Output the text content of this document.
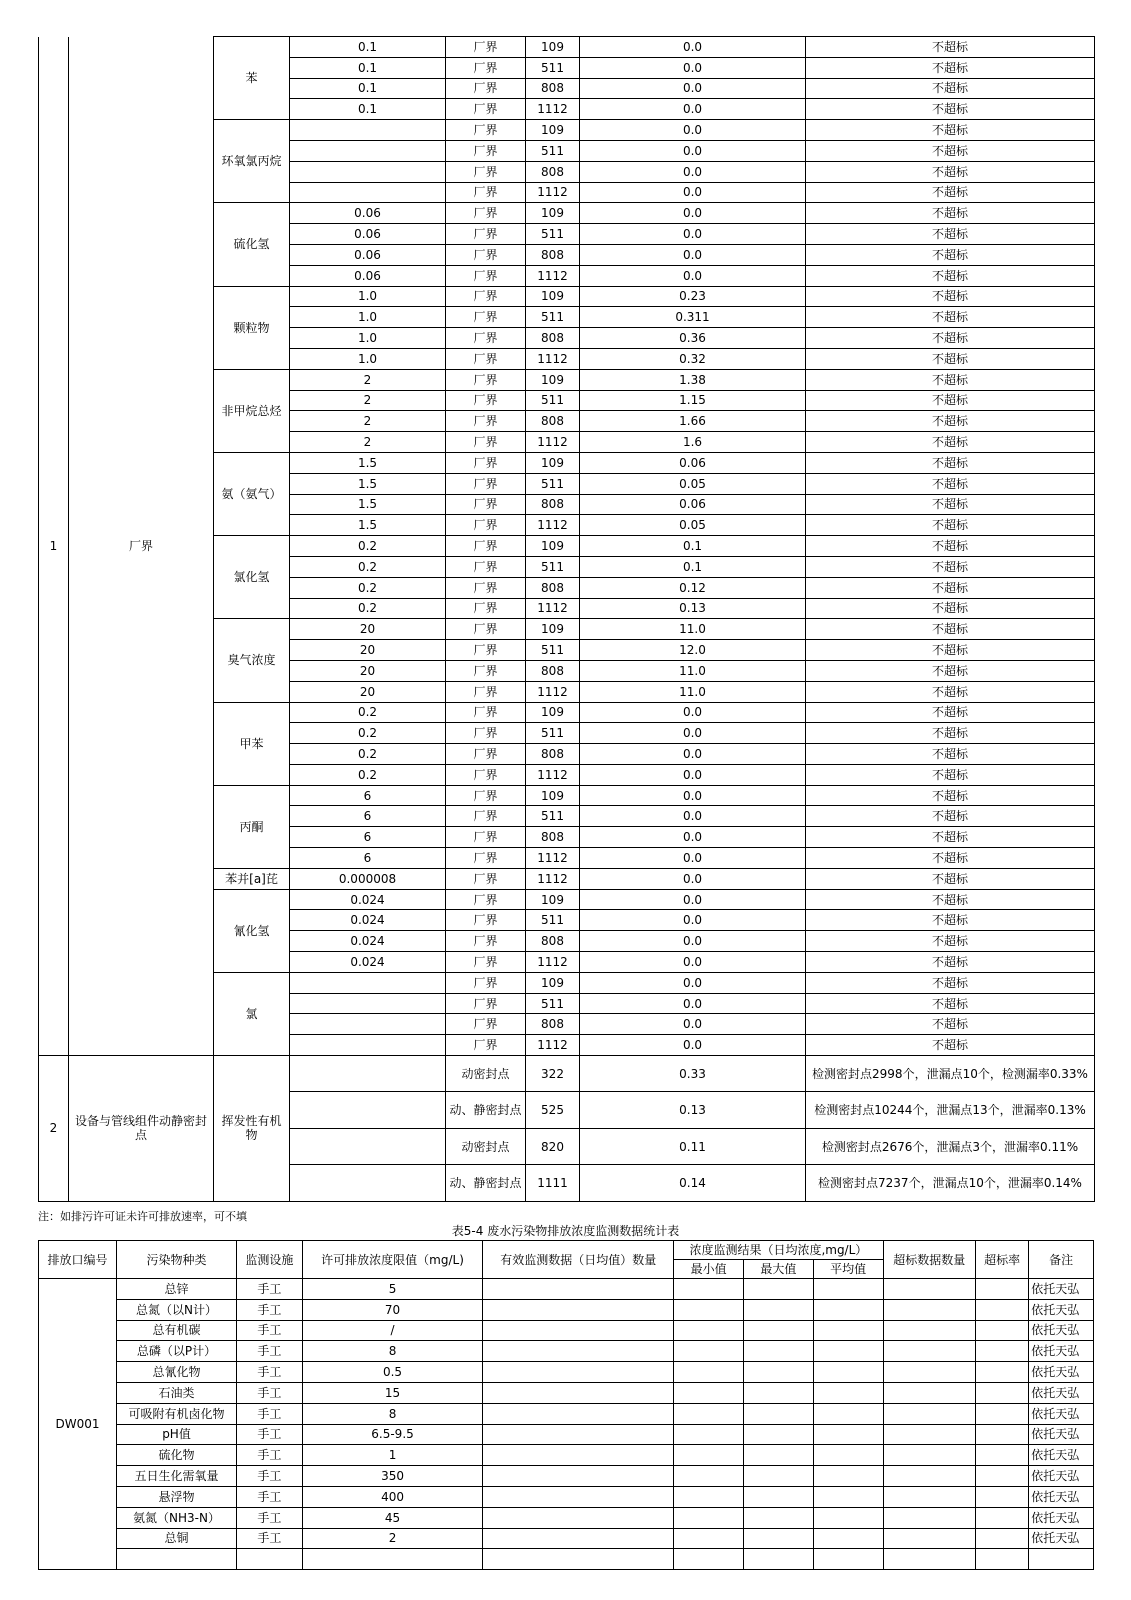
1	厂界	苯	0.1	厂界	109	0.0	不超标
			0.1	厂界	511	0.0	不超标
			0.1	厂界	808	0.0	不超标
			0.1	厂界	1112	0.0	不超标
		环氧氯丙烷		厂界	109	0.0	不超标
				厂界	511	0.0	不超标
				厂界	808	0.0	不超标
				厂界	1112	0.0	不超标
		硫化氢	0.06	厂界	109	0.0	不超标
			0.06	厂界	511	0.0	不超标
			0.06	厂界	808	0.0	不超标
			0.06	厂界	1112	0.0	不超标
		颗粒物	1.0	厂界	109	0.23	不超标
			1.0	厂界	511	0.311	不超标
			1.0	厂界	808	0.36	不超标
			1.0	厂界	1112	0.32	不超标
		非甲烷总烃	2	厂界	109	1.38	不超标
			2	厂界	511	1.15	不超标
			2	厂界	808	1.66	不超标
			2	厂界	1112	1.6	不超标
		氨（氨气）	1.5	厂界	109	0.06	不超标
			1.5	厂界	511	0.05	不超标
			1.5	厂界	808	0.06	不超标
			1.5	厂界	1112	0.05	不超标
		氯化氢	0.2	厂界	109	0.1	不超标
			0.2	厂界	511	0.1	不超标
			0.2	厂界	808	0.12	不超标
			0.2	厂界	1112	0.13	不超标
		臭气浓度	20	厂界	109	11.0	不超标
			20	厂界	511	12.0	不超标
			20	厂界	808	11.0	不超标
			20	厂界	1112	11.0	不超标
		甲苯	0.2	厂界	109	0.0	不超标
			0.2	厂界	511	0.0	不超标
			0.2	厂界	808	0.0	不超标
			0.2	厂界	1112	0.0	不超标
		丙酮	6	厂界	109	0.0	不超标
			6	厂界	511	0.0	不超标
			6	厂界	808	0.0	不超标
			6	厂界	1112	0.0	不超标
		苯并[a]芘	0.000008	厂界	1112	0.0	不超标
		氰化氢	0.024	厂界	109	0.0	不超标
			0.024	厂界	511	0.0	不超标
			0.024	厂界	808	0.0	不超标
			0.024	厂界	1112	0.0	不超标
		氯		厂界	109	0.0	不超标
				厂界	511	0.0	不超标
				厂界	808	0.0	不超标
				厂界	1112	0.0	不超标
2	设备与管线组件动静密封点	挥发性有机物		动密封点	322	0.33	检测密封点2998个，泄漏点10个，检测漏率0.33%
				动、静密封点	525	0.13	检测密封点10244个，泄漏点13个，泄漏率0.13%
				动密封点	820	0.11	检测密封点2676个，泄漏点3个，泄漏率0.11%
				动、静密封点	1111	0.14	检测密封点7237个，泄漏点10个，泄漏率0.14%
注：如排污许可证未许可排放速率，可不填
表5-4 废水污染物排放浓度监测数据统计表
排放口编号	污染物种类	监测设施	许可排放浓度限值（mg/L)	有效监测数据（日均值）数量	浓度监测结果（日均浓度,mg/L）			超标数据数量	超标率	备注
					最小值	最大值	平均值			
DW001	总锌	手工	5							依托天弘
	总氮（以N计）	手工	70							依托天弘
	总有机碳	手工	/							依托天弘
	总磷（以P计）	手工	8							依托天弘
	总氰化物	手工	0.5							依托天弘
	石油类	手工	15							依托天弘
	可吸附有机卤化物	手工	8							依托天弘
	pH值	手工	6.5-9.5							依托天弘
	硫化物	手工	1							依托天弘
	五日生化需氧量	手工	350							依托天弘
	悬浮物	手工	400							依托天弘
	氨氮（NH3-N）	手工	45							依托天弘
	总铜	手工	2							依托天弘
